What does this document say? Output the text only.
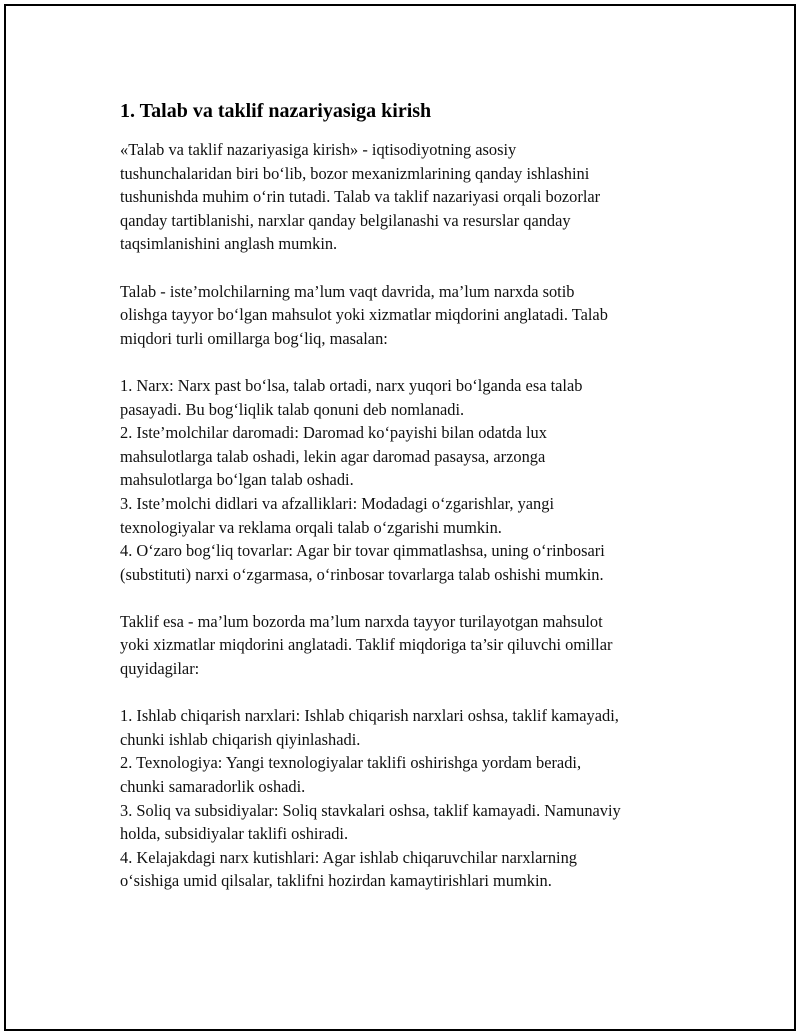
1. Talab va taklif nazariyasiga kirish
«Talab va taklif nazariyasiga kirish» - iqtisodiyotning asosiy
tushunchalaridan biri bo‘lib, bozor mexanizmlarining qanday ishlashini
tushunishda muhim o‘rin tutadi. Talab va taklif nazariyasi orqali bozorlar
qanday tartiblanishi, narxlar qanday belgilanashi va resurslar qanday
taqsimlanishini anglash mumkin.
Talab - iste’molchilarning ma’lum vaqt davrida, ma’lum narxda sotib
olishga tayyor bo‘lgan mahsulot yoki xizmatlar miqdorini anglatadi. Talab
miqdori turli omillarga bog‘liq, masalan:
1. Narx: Narx past bo‘lsa, talab ortadi, narx yuqori bo‘lganda esa talab
pasayadi. Bu bog‘liqlik talab qonuni deb nomlanadi.
2. Iste’molchilar daromadi: Daromad ko‘payishi bilan odatda lux
mahsulotlarga talab oshadi, lekin agar daromad pasaysa, arzonga
mahsulotlarga bo‘lgan talab oshadi.
3. Iste’molchi didlari va afzalliklari: Modadagi o‘zgarishlar, yangi
texnologiyalar va reklama orqali talab o‘zgarishi mumkin.
4. O‘zaro bog‘liq tovarlar: Agar bir tovar qimmatlashsa, uning o‘rinbosari
(substituti) narxi o‘zgarmasa, o‘rinbosar tovarlarga talab oshishi mumkin.
Taklif esa - ma’lum bozorda ma’lum narxda tayyor turilayotgan mahsulot
yoki xizmatlar miqdorini anglatadi. Taklif miqdoriga ta’sir qiluvchi omillar
quyidagilar:
1. Ishlab chiqarish narxlari: Ishlab chiqarish narxlari oshsa, taklif kamayadi,
chunki ishlab chiqarish qiyinlashadi.
2. Texnologiya: Yangi texnologiyalar taklifi oshirishga yordam beradi,
chunki samaradorlik oshadi.
3. Soliq va subsidiyalar: Soliq stavkalari oshsa, taklif kamayadi. Namunaviy
holda, subsidiyalar taklifi oshiradi.
4. Kelajakdagi narx kutishlari: Agar ishlab chiqaruvchilar narxlarning
o‘sishiga umid qilsalar, taklifni hozirdan kamaytirishlari mumkin.
